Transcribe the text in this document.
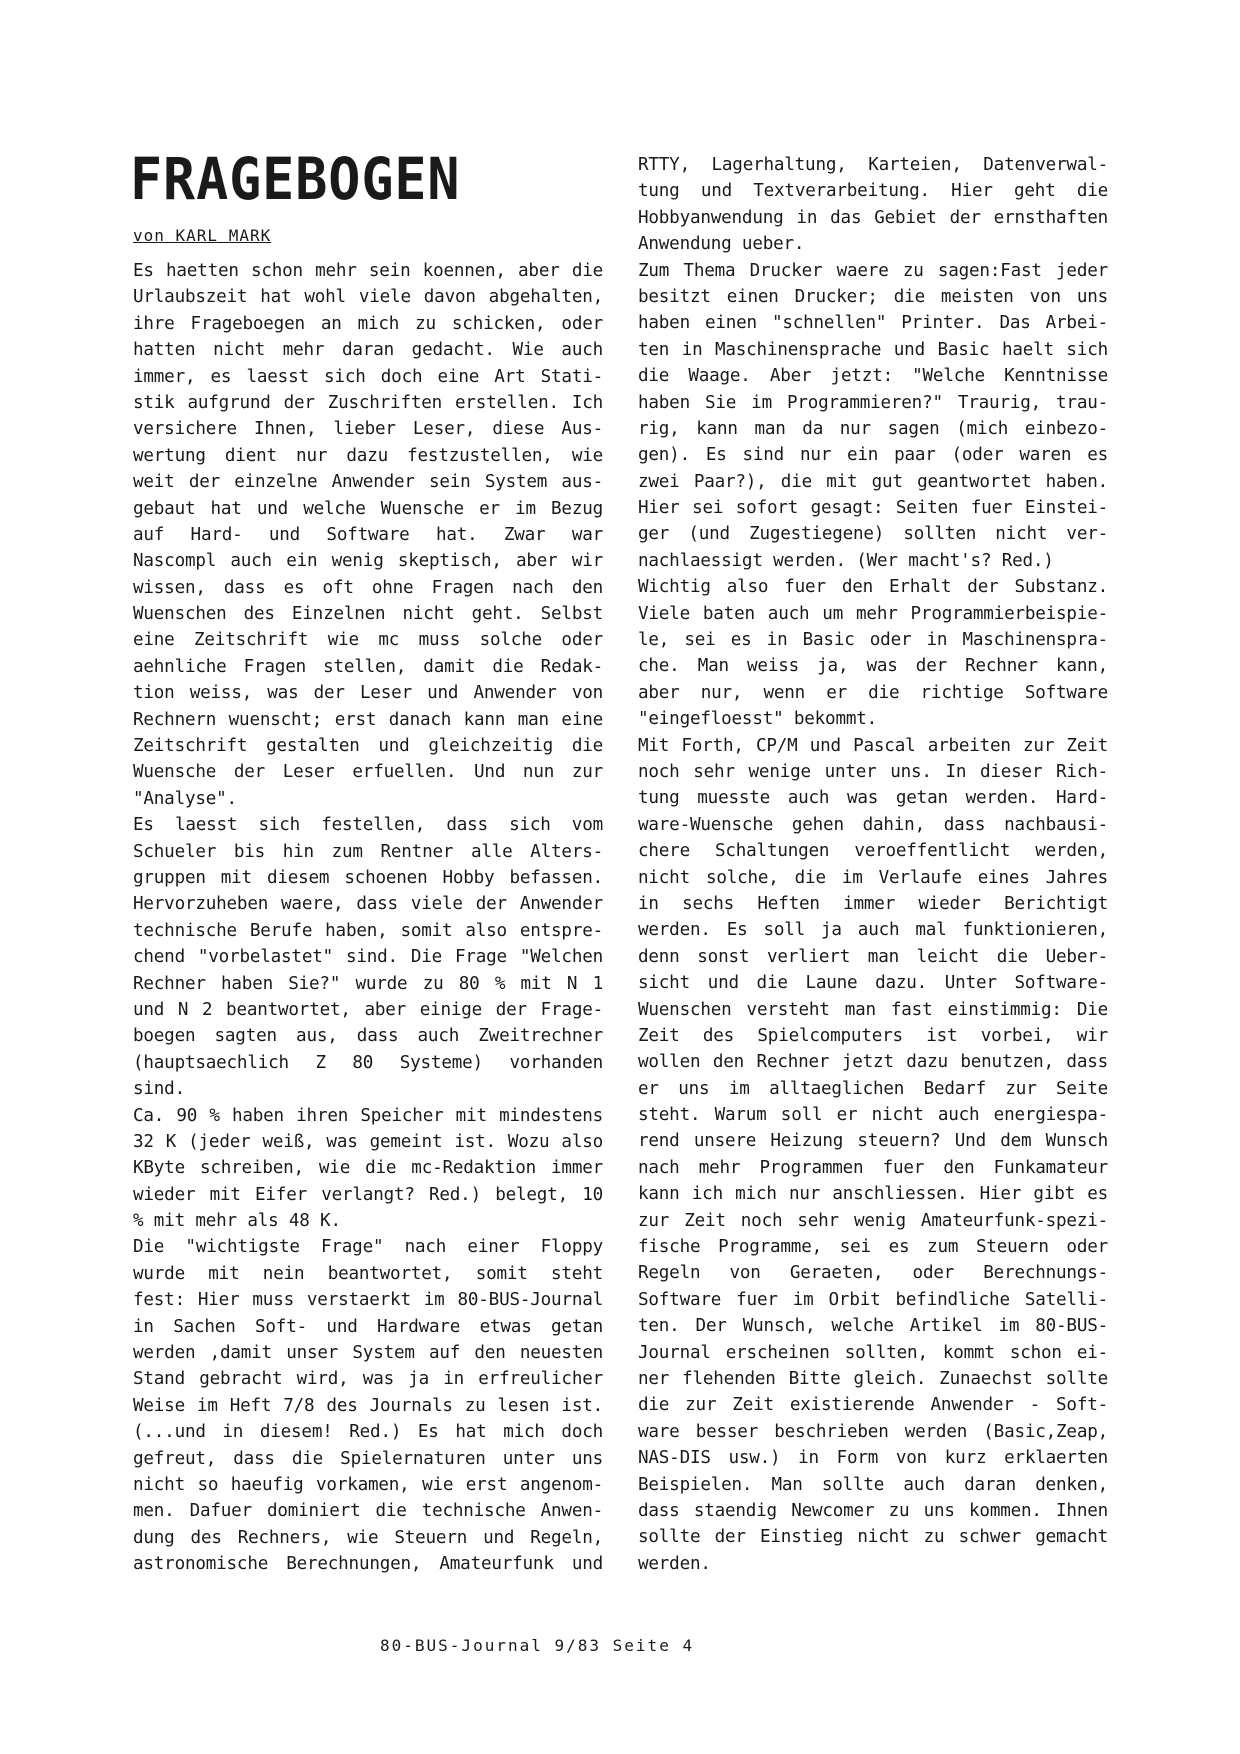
FRAGEBOGEN
von KARL MARK
Es haetten schon mehr sein koennen, aber die
Urlaubszeit hat wohl viele davon abgehalten,
ihre Frageboegen an mich zu schicken, oder
hatten nicht mehr daran gedacht. Wie auch
immer, es laesst sich doch eine Art Stati-
stik aufgrund der Zuschriften erstellen. Ich
versichere Ihnen, lieber Leser, diese Aus-
wertung dient nur dazu festzustellen, wie
weit der einzelne Anwender sein System aus-
gebaut hat und welche Wuensche er im Bezug
auf Hard- und Software hat. Zwar war
Nascompl auch ein wenig skeptisch, aber wir
wissen, dass es oft ohne Fragen nach den
Wuenschen des Einzelnen nicht geht. Selbst
eine Zeitschrift wie mc muss solche oder
aehnliche Fragen stellen, damit die Redak-
tion weiss, was der Leser und Anwender von
Rechnern wuenscht; erst danach kann man eine
Zeitschrift gestalten und gleichzeitig die
Wuensche der Leser erfuellen. Und nun zur
"Analyse".
Es laesst sich festellen, dass sich vom
Schueler bis hin zum Rentner alle Alters-
gruppen mit diesem schoenen Hobby befassen.
Hervorzuheben waere, dass viele der Anwender
technische Berufe haben, somit also entspre-
chend "vorbelastet" sind. Die Frage "Welchen
Rechner haben Sie?" wurde zu 80 % mit N 1
und N 2 beantwortet, aber einige der Frage-
boegen sagten aus, dass auch Zweitrechner
(hauptsaechlich Z 80 Systeme) vorhanden
sind.
Ca. 90 % haben ihren Speicher mit mindestens
32 K (jeder weiß, was gemeint ist. Wozu also
KByte schreiben, wie die mc-Redaktion immer
wieder mit Eifer verlangt? Red.) belegt, 10
% mit mehr als 48 K.
Die "wichtigste Frage" nach einer Floppy
wurde mit nein beantwortet, somit steht
fest: Hier muss verstaerkt im 80-BUS-Journal
in Sachen Soft- und Hardware etwas getan
werden ,damit unser System auf den neuesten
Stand gebracht wird, was ja in erfreulicher
Weise im Heft 7/8 des Journals zu lesen ist.
(...und in diesem! Red.) Es hat mich doch
gefreut, dass die Spielernaturen unter uns
nicht so haeufig vorkamen, wie erst angenom-
men. Dafuer dominiert die technische Anwen-
dung des Rechners, wie Steuern und Regeln,
astronomische Berechnungen, Amateurfunk und
RTTY, Lagerhaltung, Karteien, Datenverwal-
tung und Textverarbeitung. Hier geht die
Hobbyanwendung in das Gebiet der ernsthaften
Anwendung ueber.
Zum Thema Drucker waere zu sagen:Fast jeder
besitzt einen Drucker; die meisten von uns
haben einen "schnellen" Printer. Das Arbei-
ten in Maschinensprache und Basic haelt sich
die Waage. Aber jetzt: "Welche Kenntnisse
haben Sie im Programmieren?" Traurig, trau-
rig, kann man da nur sagen (mich einbezo-
gen). Es sind nur ein paar (oder waren es
zwei Paar?), die mit gut geantwortet haben.
Hier sei sofort gesagt: Seiten fuer Einstei-
ger (und Zugestiegene) sollten nicht ver-
nachlaessigt werden. (Wer macht's? Red.)
Wichtig also fuer den Erhalt der Substanz.
Viele baten auch um mehr Programmierbeispie-
le, sei es in Basic oder in Maschinenspra-
che. Man weiss ja, was der Rechner kann,
aber nur, wenn er die richtige Software
"eingefloesst" bekommt.
Mit Forth, CP/M und Pascal arbeiten zur Zeit
noch sehr wenige unter uns. In dieser Rich-
tung muesste auch was getan werden. Hard-
ware-Wuensche gehen dahin, dass nachbausi-
chere Schaltungen veroeffentlicht werden,
nicht solche, die im Verlaufe eines Jahres
in sechs Heften immer wieder Berichtigt
werden. Es soll ja auch mal funktionieren,
denn sonst verliert man leicht die Ueber-
sicht und die Laune dazu. Unter Software-
Wuenschen versteht man fast einstimmig: Die
Zeit des Spielcomputers ist vorbei, wir
wollen den Rechner jetzt dazu benutzen, dass
er uns im alltaeglichen Bedarf zur Seite
steht. Warum soll er nicht auch energiespa-
rend unsere Heizung steuern? Und dem Wunsch
nach mehr Programmen fuer den Funkamateur
kann ich mich nur anschliessen. Hier gibt es
zur Zeit noch sehr wenig Amateurfunk-spezi-
fische Programme, sei es zum Steuern oder
Regeln von Geraeten, oder Berechnungs-
Software fuer im Orbit befindliche Satelli-
ten. Der Wunsch, welche Artikel im 80-BUS-
Journal erscheinen sollten, kommt schon ei-
ner flehenden Bitte gleich. Zunaechst sollte
die zur Zeit existierende Anwender - Soft-
ware besser beschrieben werden (Basic,Zeap,
NAS-DIS usw.) in Form von kurz erklaerten
Beispielen. Man sollte auch daran denken,
dass staendig Newcomer zu uns kommen. Ihnen
sollte der Einstieg nicht zu schwer gemacht
werden.
80-BUS-Journal 9/83 Seite 4
